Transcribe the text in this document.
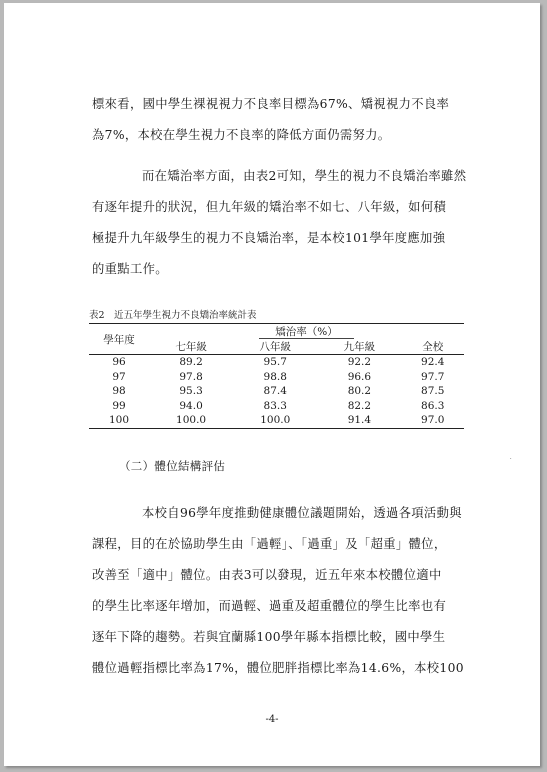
標來看，國中學生裸視視力不良率目標為67%、矯視視力不良率
為7%，本校在學生視力不良率的降低方面仍需努力。
而在矯治率方面，由表2可知，學生的視力不良矯治率雖然
有逐年提升的狀況，但九年級的矯治率不如七、八年級，如何積
極提升九年級學生的視力不良矯治率，是本校101學年度應加強
的重點工作。

表2　近五年學生視力不良矯治率統計表

學年度	矯治率（%）			
	七年級	八年級	九年級	全校
96	89.2	95.7	92.2	92.4
97	97.8	98.8	96.6	97.7
98	95.3	87.4	80.2	87.5
99	94.0	83.3	82.2	86.3
100	100.0	100.0	91.4	97.0

（二）體位結構評估	˙
本校自96學年度推動健康體位議題開始，透過各項活動與
課程，目的在於協助學生由「過輕」、「過重」及「超重」體位，
改善至「適中」體位。由表3可以發現，近五年來本校體位適中
的學生比率逐年增加，而過輕、過重及超重體位的學生比率也有
逐年下降的趨勢。若與宜蘭縣100學年縣本指標比較，國中學生
體位過輕指標比率為17%，體位肥胖指標比率為14.6%，本校100
-4-
